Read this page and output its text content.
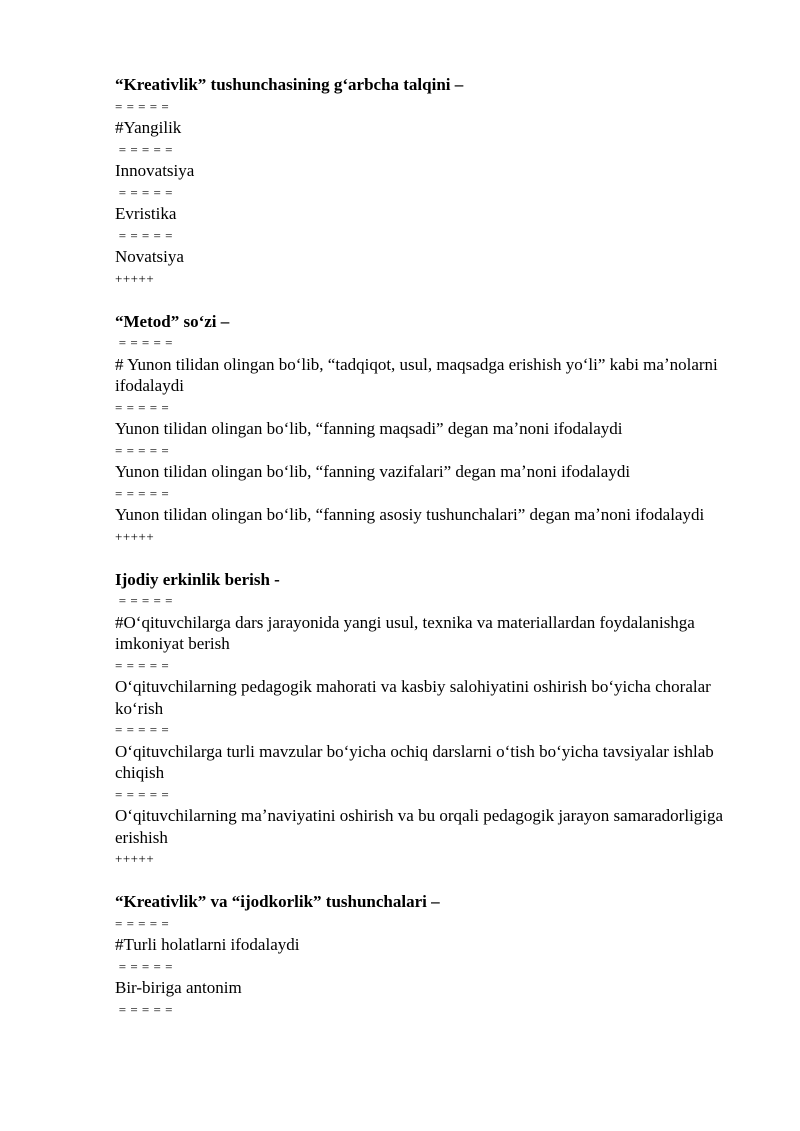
“Kreativlik” tushunchasining gʻarbcha talqini –
= = = = =
#Yangilik
= = = = =
Innovatsiya
= = = = =
Evristika
= = = = =
Novatsiya
+++++
“Metod” soʻzi –
= = = = =
# Yunon tilidan olingan boʻlib, “tadqiqot, usul, maqsadga erishish yoʻli” kabi maʼnolarni ifodalaydi
= = = = =
Yunon tilidan olingan boʻlib, “fanning maqsadi” degan maʼnoni ifodalaydi
= = = = =
Yunon tilidan olingan boʻlib, “fanning vazifalari” degan maʼnoni ifodalaydi
= = = = =
Yunon tilidan olingan boʻlib, “fanning asosiy tushunchalari” degan maʼnoni ifodalaydi
+++++
Ijodiy erkinlik berish -
= = = = =
#Oʻqituvchilarga dars jarayonida yangi usul, texnika va materiallardan foydalanishga imkoniyat berish
= = = = =
Oʻqituvchilarning pedagogik mahorati va kasbiy salohiyatini oshirish boʻyicha choralar koʻrish
= = = = =
Oʻqituvchilarga turli mavzular boʻyicha ochiq darslarni oʻtish boʻyicha tavsiyalar ishlab chiqish
= = = = =
Oʻqituvchilarning maʼnaviyatini oshirish va bu orqali pedagogik jarayon samaradorligiga erishish
+++++
“Kreativlik” va “ijodkorlik” tushunchalari –
= = = = =
#Turli holatlarni ifodalaydi
= = = = =
Bir-biriga antonim
= = = = =
